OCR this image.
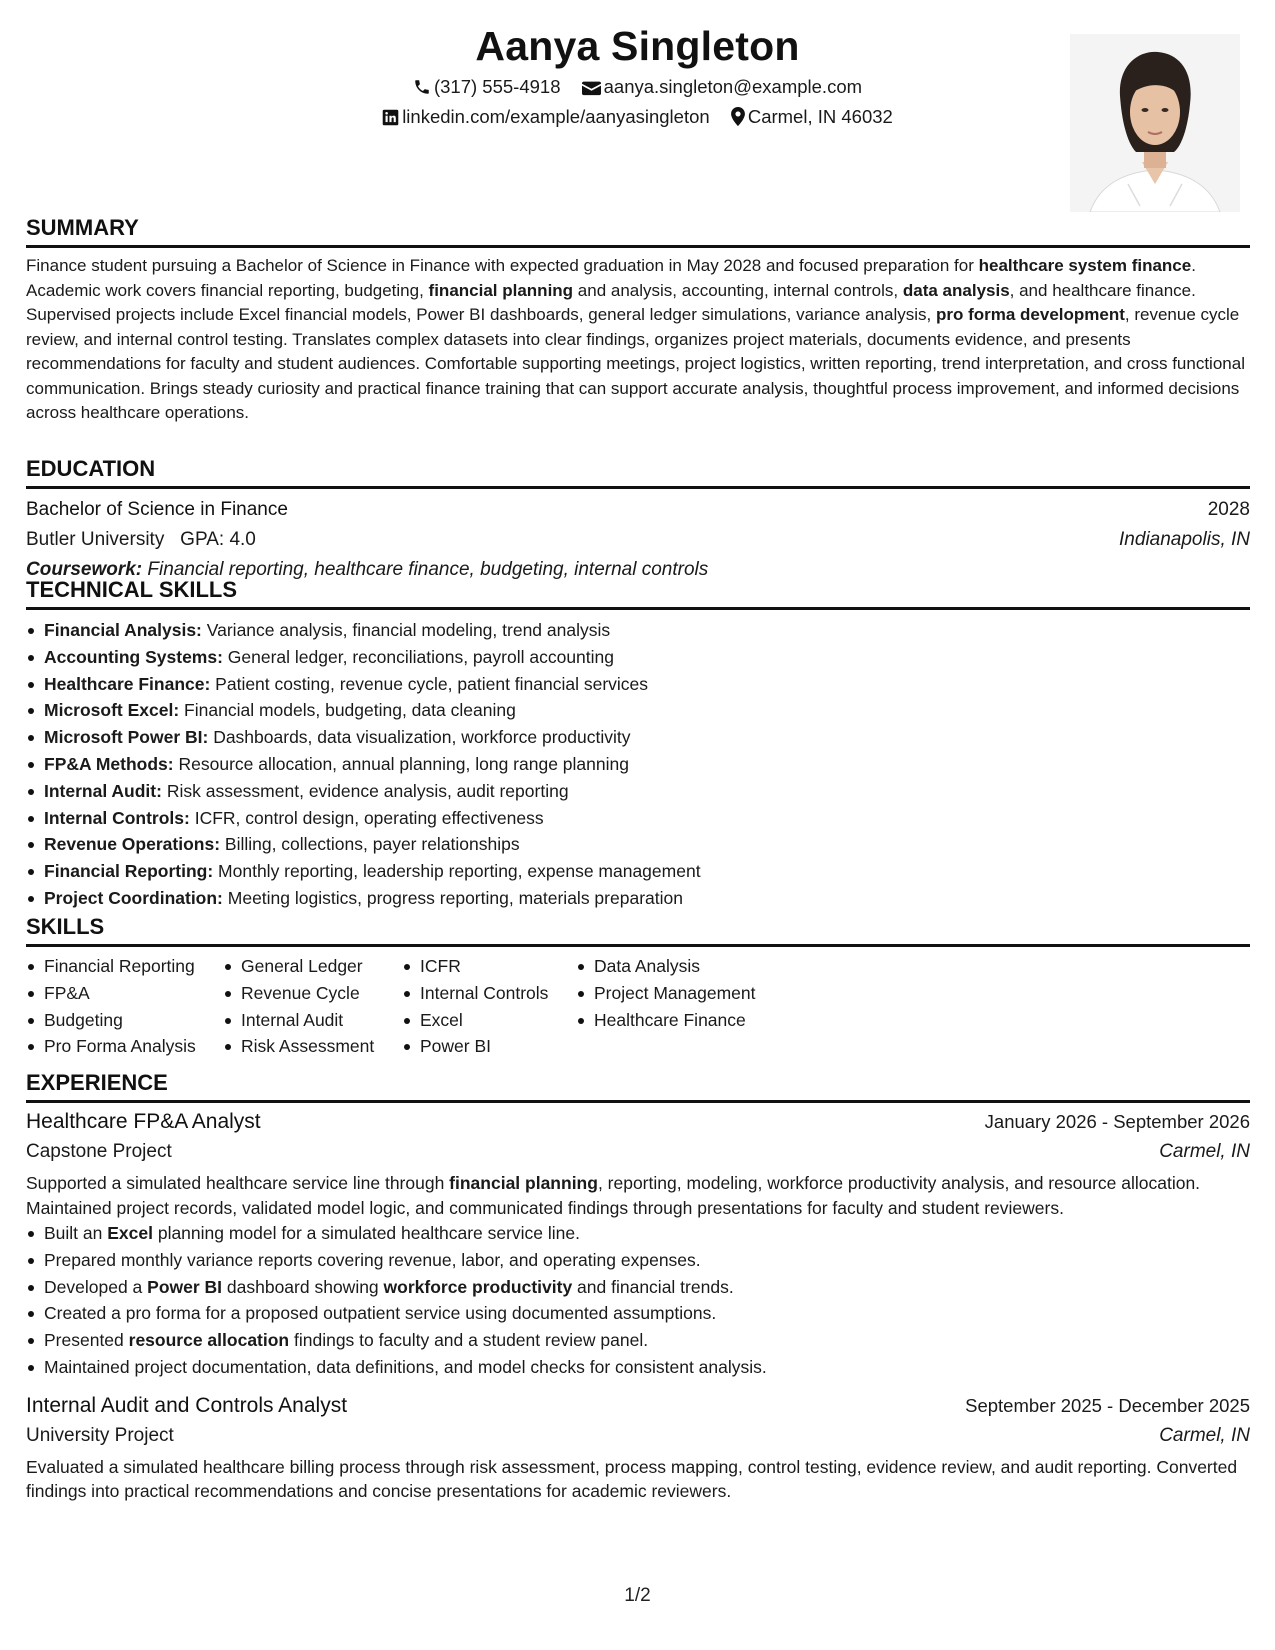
Aanya Singleton
(317) 555-4918 aanya.singleton@example.com
linkedin.com/example/aanyasingleton Carmel, IN 46032
SUMMARY
Finance student pursuing a Bachelor of Science in Finance with expected graduation in May 2028 and focused preparation for healthcare system finance. Academic work covers financial reporting, budgeting, financial planning and analysis, accounting, internal controls, data analysis, and healthcare finance. Supervised projects include Excel financial models, Power BI dashboards, general ledger simulations, variance analysis, pro forma development, revenue cycle review, and internal control testing. Translates complex datasets into clear findings, organizes project materials, documents evidence, and presents recommendations for faculty and student audiences. Comfortable supporting meetings, project logistics, written reporting, trend interpretation, and cross functional communication. Brings steady curiosity and practical finance training that can support accurate analysis, thoughtful process improvement, and informed decisions across healthcare operations.
EDUCATION
Bachelor of Science in Finance	2028
Butler University GPA: 4.0	Indianapolis, IN
Coursework: Financial reporting, healthcare finance, budgeting, internal controls
TECHNICAL SKILLS
Financial Analysis: Variance analysis, financial modeling, trend analysis
Accounting Systems: General ledger, reconciliations, payroll accounting
Healthcare Finance: Patient costing, revenue cycle, patient financial services
Microsoft Excel: Financial models, budgeting, data cleaning
Microsoft Power BI: Dashboards, data visualization, workforce productivity
FP&A Methods: Resource allocation, annual planning, long range planning
Internal Audit: Risk assessment, evidence analysis, audit reporting
Internal Controls: ICFR, control design, operating effectiveness
Revenue Operations: Billing, collections, payer relationships
Financial Reporting: Monthly reporting, leadership reporting, expense management
Project Coordination: Meeting logistics, progress reporting, materials preparation
SKILLS
Financial Reporting
FP&A
Budgeting
Pro Forma Analysis
General Ledger
Revenue Cycle
Internal Audit
Risk Assessment
ICFR
Internal Controls
Excel
Power BI
Data Analysis
Project Management
Healthcare Finance
EXPERIENCE
Healthcare FP&A Analyst	January 2026 - September 2026
Capstone Project	Carmel, IN
Supported a simulated healthcare service line through financial planning, reporting, modeling, workforce productivity analysis, and resource allocation. Maintained project records, validated model logic, and communicated findings through presentations for faculty and student reviewers.
Built an Excel planning model for a simulated healthcare service line.
Prepared monthly variance reports covering revenue, labor, and operating expenses.
Developed a Power BI dashboard showing workforce productivity and financial trends.
Created a pro forma for a proposed outpatient service using documented assumptions.
Presented resource allocation findings to faculty and a student review panel.
Maintained project documentation, data definitions, and model checks for consistent analysis.
Internal Audit and Controls Analyst	September 2025 - December 2025
University Project	Carmel, IN
Evaluated a simulated healthcare billing process through risk assessment, process mapping, control testing, evidence review, and audit reporting. Converted findings into practical recommendations and concise presentations for academic reviewers.
1/2
